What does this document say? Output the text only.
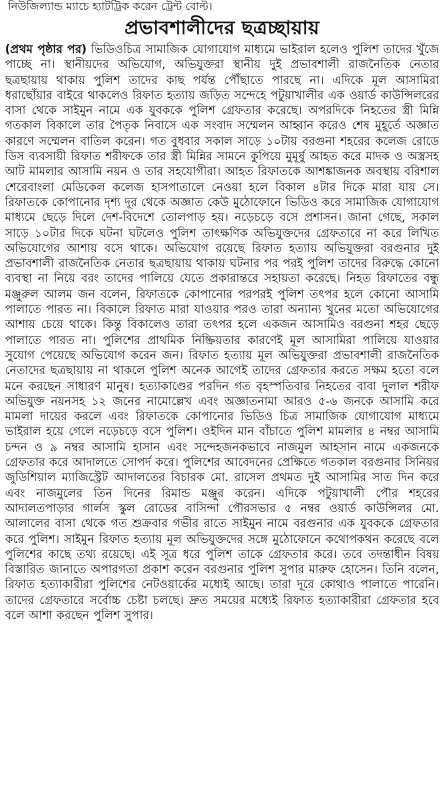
নিউজিল্যান্ড ম্যাচে হ্যাটট্রিক করেন ট্রেন্ট বোল্ট।
প্রভাবশালীদের ছত্রচ্ছায়ায়
(প্রথম পৃষ্ঠার পর) ভিডিওচিত্র সামাজিক যোগাযোগ মাধ্যমে ভাইরাল হলেও পুলিশ তাদের খুঁজে পাচ্ছে না। স্থানীয়দের অভিযোগ, অভিযুক্তরা স্থানীয় দুই প্রভাবশালী রাজনৈতিক নেতার ছত্রছায়ায় থাকায় পুলিশ তাদের কাছ পর্যন্ত পৌঁছাতে পারছে না। এদিকে মূল আসামিরা ধরাছোঁয়ার বাইরে থাকলেও রিফাত হত্যায় জড়িত সন্দেহে পটুয়াখালীর এক ওয়ার্ড কাউন্সিলরের বাসা থেকে সাইমুন নামে এক যুবককে পুলিশ গ্রেফতার করেছে। অপরদিকে নিহতের স্ত্রী মিন্নি গতকাল বিকালে তার পৈতৃক নিবাসে এক সংবাদ সম্মেলন আহ্বান করেও শেষ মুহূর্তে অজ্ঞাত কারণে সম্মেলন বাতিল করেন। গত বুধবার সকাল সাড়ে ১০টায় বরগুনা শহরের কলেজ রোডে ডিস ব্যবসায়ী রিফাত শরীফকে তার স্ত্রী মিন্নির সামনে কুপিয়ে মুমূর্ষু আহত করে মাদক ও অস্ত্রসহ আট মামলার আসামি নয়ন ও তার সহযোগীরা। আহত রিফাতকে আশঙ্কাজনক অবস্থায় বরিশাল শেরেবাংলা মেডিকেল কলেজ হাসপাতালে নেওয়া হলে বিকাল ৪টার দিকে মারা যায় সে। রিফাতকে কোপানোর দৃশ্য দূর থেকে অজ্ঞাত কেউ মুঠোফোনে ভিডিও করে সামাজিক যোগাযোগ মাধ্যমে ছেড়ে দিলে দেশ-বিদেশে তোলপাড় হয়। নড়েচড়ে বসে প্রশাসন। জানা গেছে, সকাল সাড়ে ১০টার দিকে ঘটনা ঘটলেও পুলিশ তাৎক্ষণিক অভিযুক্তদের গ্রেফতারে না করে লিখিত অভিযোগের আশায় বসে থাকে। অভিযোগ রয়েছে রিফাত হত্যায় অভিযুক্তরা বরগুনার দুই প্রভাবশালী রাজনৈতিক নেতার ছত্রছায়ায় থাকায় ঘটনার পর পরই পুলিশ তাদের বিরুদ্ধে কোনো ব্যবস্থা না নিয়ে বরং তাদের পালিয়ে যেতে প্রকারান্তরে সহায়তা করেছে। নিহত রিফাতের বন্ধু মঞ্জুরুল আলম জন বলেন, রিফাতকে কোপানোর পরপরই পুলিশ তৎপর হলে কোনো আসামি পালাতে পারত না। বিকালে রিফাত মারা যাওয়ার পরও তারা অন্যান্য খুনের মতো অভিযোগের আশায় চেয়ে থাকে। কিন্তু বিকালেও তারা তৎপর হলে একজন আসামিও বরগুনা শহর ছেড়ে পালাতে পারত না। পুলিশের প্রাথমিক নিষ্ক্রিয়তার কারণেই মূল আসামিরা পালিয়ে যাওয়ার সুযোগ পেয়েছে অভিযোগ করেন জন। রিফাত হত্যায় মূল অভিযুক্তরা প্রভাবশালী রাজনৈতিক নেতাদের ছত্রছায়ায় না থাকলে পুলিশ অনেক আগেই তাদের গ্রেফতার করতে সক্ষম হতো বলে মনে করছেন সাধারণ মানুষ। হত্যাকাণ্ডের পরদিন গত বৃহস্পতিবার নিহতের বাবা দুলাল শরীফ অভিযুক্ত নয়নসহ ১২ জনের নামোল্লেখ এবং অজ্ঞাতনামা আরও ৫-৬ জনকে আসামি করে মামলা দায়ের করলে এবং রিফাতকে কোপানোর ভিডিও চিত্র সামাজিক যোগাযোগ মাধ্যমে ভাইরাল হয়ে গেলে নড়েচড়ে বসে পুলিশ। ওইদিন মান বাঁচাতে পুলিশ মামলার ৪ নম্বর আসামি চন্দন ও ৯ নম্বর আসামি হাসান এবং সন্দেহজনকভাবে নাজমুল আহসান নামে একজনকে গ্রেফতার করে আদালতে সোপর্দ করে। পুলিশের আবেদনের প্রেক্ষিতে গতকাল বরগুনার সিনিয়র জুডিশিয়াল ম্যাজিস্ট্রেট আদালতের বিচারক মো. রাসেল প্রথমত দুই আসামির সাত দিন করে এবং নাজমুলের তিন দিনের রিমান্ড মঞ্জুর করেন। এদিকে পটুয়াখালী পৌর শহরের আদালতপাড়ার গার্লস স্কুল রোডের বাসিন্দা পৌরসভার ৫ নম্বর ওয়ার্ড কাউন্সিলর মো. আলালের বাসা থেকে গত শুক্রবার গভীর রাতে সাইমুন নামে বরগুনার এক যুবককে গ্রেফতার করে পুলিশ। সাইমুন রিফাত হত্যায় মূল অভিযুক্তদের সঙ্গে মুঠোফোনে কথোপকথন করেছে বলে পুলিশের কাছে তথ্য রয়েছে। এই সূত্র ধরে পুলিশ তাকে গ্রেফতার করে। তবে তদন্তাধীন বিষয় বিস্তারিত জানাতে অপারগতা প্রকাশ করেন বরগুনার পুলিশ সুপার মারুফ হোসেন। তিনি বলেন, রিফাত হত্যাকারীরা পুলিশের নেটওয়ার্কের মধ্যেই আছে। তারা দূরে কোথাও পালাতে পারেনি। তাদের গ্রেফতারে সর্বোচ্চ চেষ্টা চলছে। দ্রুত সময়ের মধ্যেই রিফাত হত্যাকারীরা গ্রেফতার হবে বলে আশা করছেন পুলিশ সুপার।
